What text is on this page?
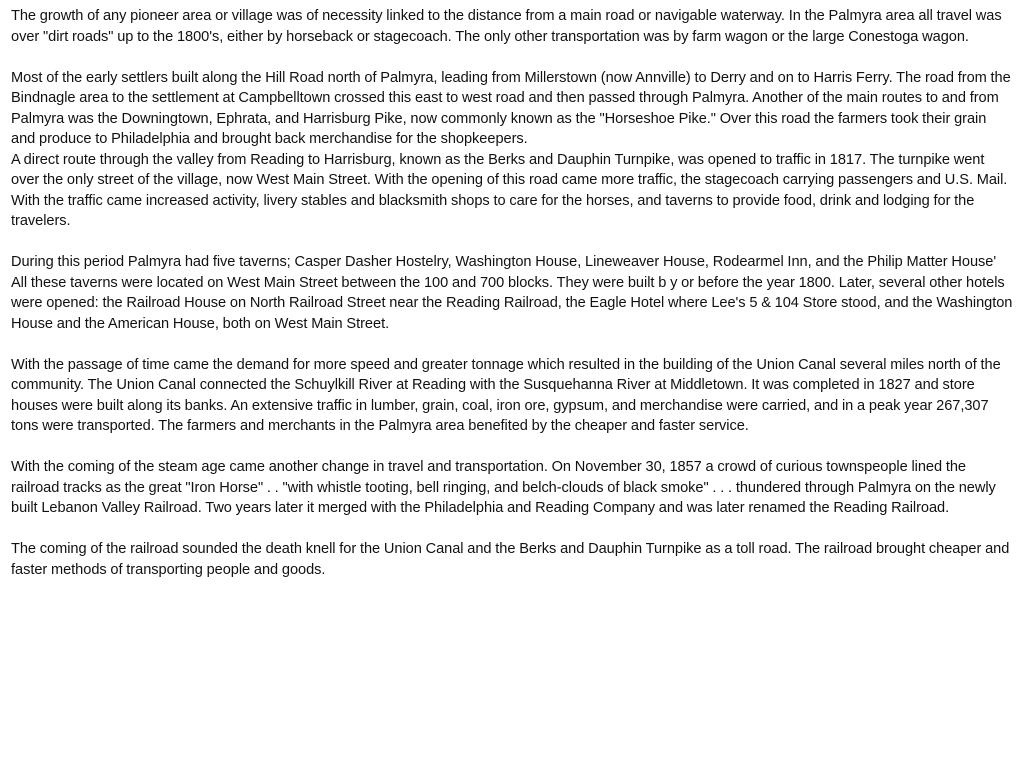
The growth of any pioneer area or village was of necessity linked to the distance from a main road or navigable waterway. In the Palmyra area all travel was over "dirt roads" up to the 1800's, either by horseback or stagecoach. The only other transportation was by farm wagon or the large Conestoga wagon.

Most of the early settlers built along the Hill Road north of Palmyra, leading from Millerstown (now Annville) to Derry and on to Harris Ferry. The road from the Bindnagle area to the settlement at Campbelltown crossed this east to west road and then passed through Palmyra. Another of the main routes to and from Palmyra was the Downingtown, Ephrata, and Harrisburg Pike, now commonly known as the "Horseshoe Pike." Over this road the farmers took their grain and produce to Philadelphia and brought back merchandise for the shopkeepers.

A direct route through the valley from Reading to Harrisburg, known as the Berks and Dauphin Turnpike, was opened to traffic in 1817. The turnpike went over the only street of the village, now West Main Street. With the opening of this road came more traffic, the stagecoach carrying passengers and U.S. Mail. With the traffic came increased activity, livery stables and blacksmith shops to care for the horses, and taverns to provide food, drink and lodging for the travelers.

During this period Palmyra had five taverns; Casper Dasher Hostelry, Washington House, Lineweaver House, Rodearmel Inn, and the Philip Matter House' All these taverns were located on West Main Street between the 100 and 700 blocks. They were built b y or before the year 1800. Later, several other hotels were opened: the Railroad House on North Railroad Street near the Reading Railroad, the Eagle Hotel where Lee's 5 & 104 Store stood, and the Washington House and the American House, both on West Main Street.

With the passage of time came the demand for more speed and greater tonnage which resulted in the building of the Union Canal several miles north of the community. The Union Canal connected the Schuylkill River at Reading with the Susquehanna River at Middletown. It was completed in 1827 and store houses were built along its banks. An extensive traffic in lumber, grain, coal, iron ore, gypsum, and merchandise were carried, and in a peak year 267,307 tons were transported. The farmers and merchants in the Palmyra area benefited by the cheaper and faster service.

With the coming of the steam age came another change in travel and transportation. On November 30, 1857 a crowd of curious townspeople lined the railroad tracks as the great "Iron Horse" . . "with whistle tooting, bell ringing, and belch-clouds of black smoke" . . . thundered through Palmyra on the newly built Lebanon Valley Railroad. Two years later it merged with the Philadelphia and Reading Company and was later renamed the Reading Railroad.

The coming of the railroad sounded the death knell for the Union Canal and the Berks and Dauphin Turnpike as a toll road. The railroad brought cheaper and faster methods of transporting people and goods.
